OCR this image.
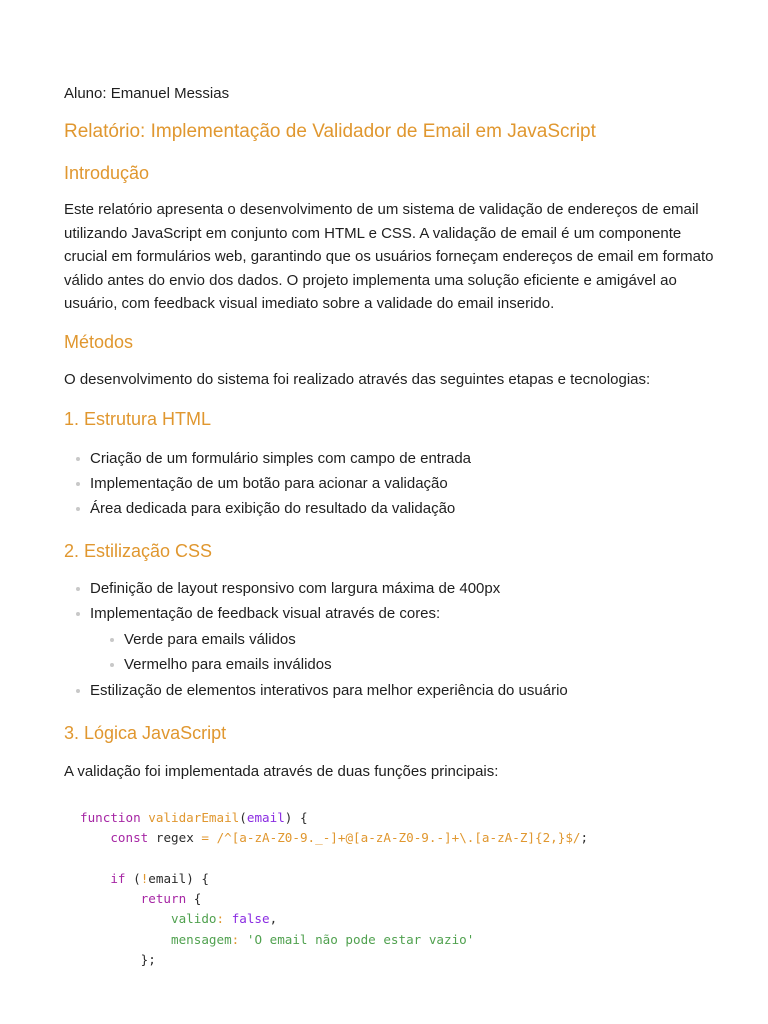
Aluno: Emanuel Messias
Relatório: Implementação de Validador de Email em JavaScript
Introdução

Este relatório apresenta o desenvolvimento de um sistema de validação de endereços de email utilizando JavaScript em conjunto com HTML e CSS. A validação de email é um componente crucial em formulários web, garantindo que os usuários forneçam endereços de email em formato válido antes do envio dos dados. O projeto implementa uma solução eficiente e amigável ao usuário, com feedback visual imediato sobre a validade do email inserido.

Métodos

O desenvolvimento do sistema foi realizado através das seguintes etapas e tecnologias:

1. Estrutura HTML
Criação de um formulário simples com campo de entrada
Implementação de um botão para acionar a validação
Área dedicada para exibição do resultado da validação
2. Estilização CSS
Definição de layout responsivo com largura máxima de 400px
Implementação de feedback visual através de cores:
Verde para emails válidos
Vermelho para emails inválidos
Estilização de elementos interativos para melhor experiência do usuário
3. Lógica JavaScript

A validação foi implementada através de duas funções principais:

function validarEmail(email) {
const regex = /^[a-zA-Z0-9._-]+@[a-zA-Z0-9.-]+\.[a-zA-Z]{2,}$/;

if (!email) {
return {
valido: false,
mensagem: 'O email não pode estar vazio'
};
